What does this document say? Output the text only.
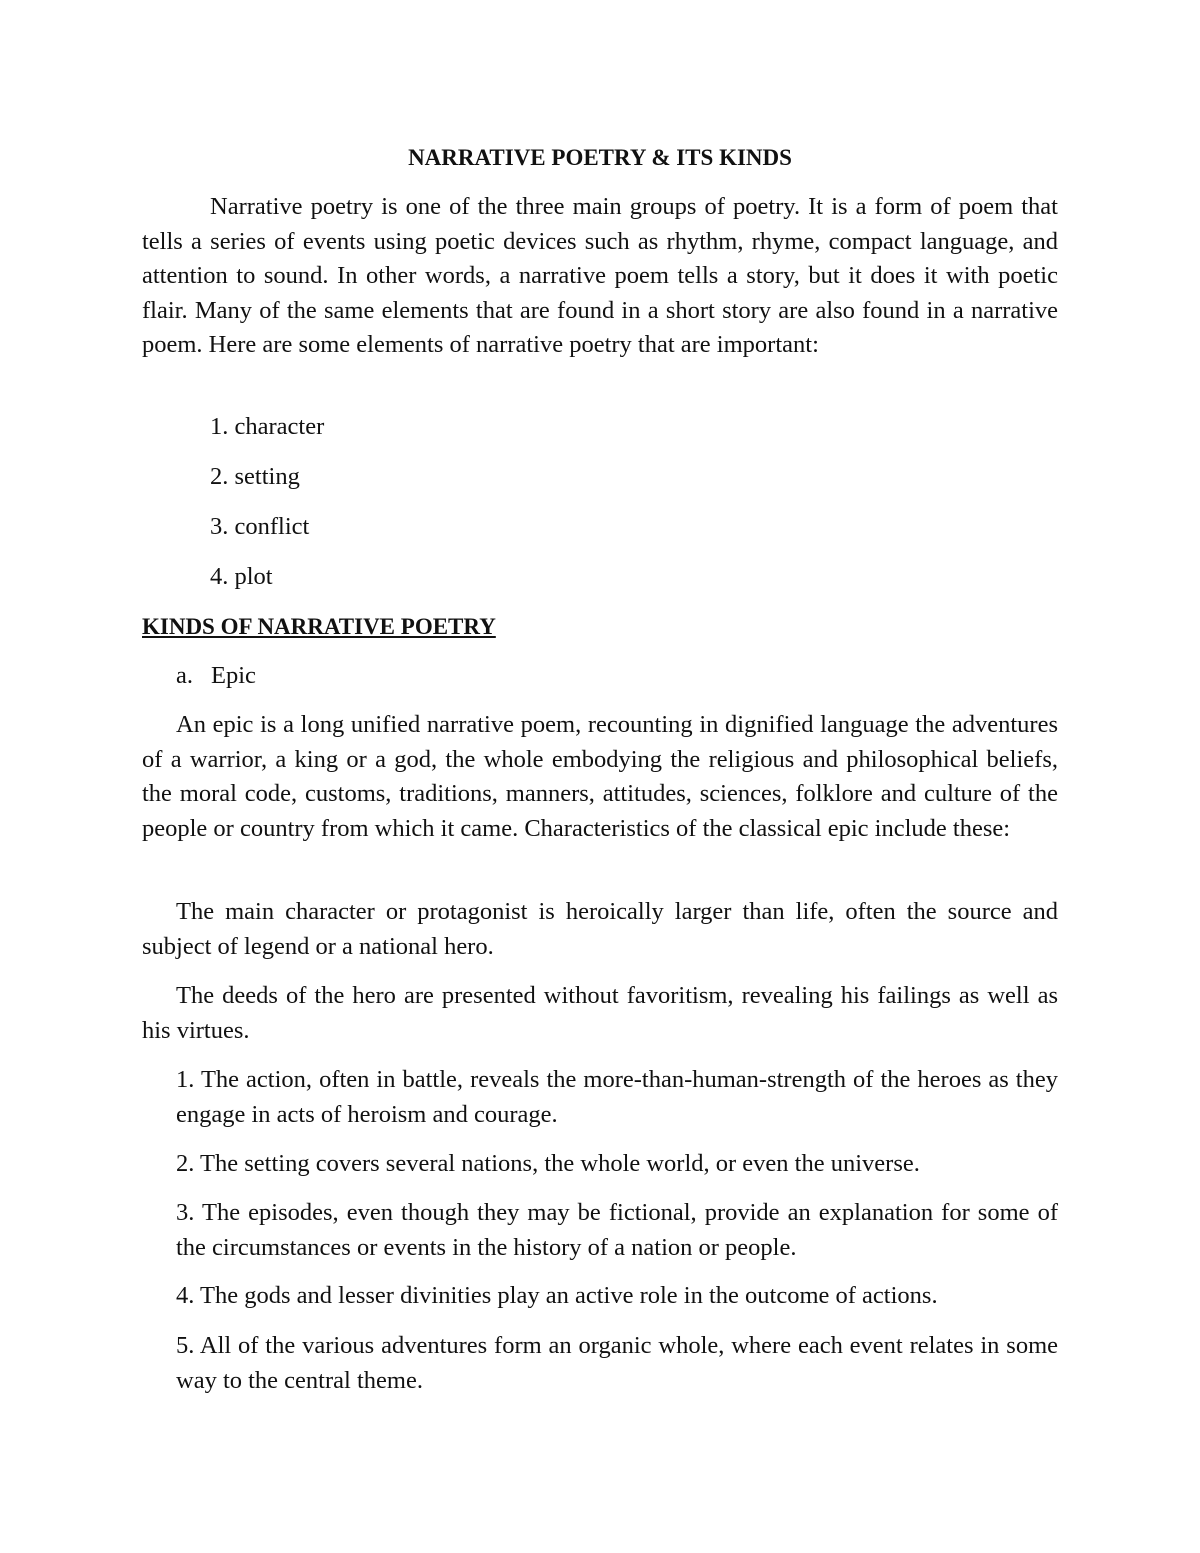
NARRATIVE POETRY & ITS KINDS

Narrative poetry is one of the three main groups of poetry. It is a form of poem that tells a series of events using poetic devices such as rhythm, rhyme, compact language, and attention to sound. In other words, a narrative poem tells a story, but it does it with poetic flair. Many of the same elements that are found in a short story are also found in a narrative poem. Here are some elements of narrative poetry that are important:

1. character
2. setting
3. conflict
4. plot
KINDS OF NARRATIVE POETRY
a. Epic

An epic is a long unified narrative poem, recounting in dignified language the adventures of a warrior, a king or a god, the whole embodying the religious and philosophical beliefs, the moral code, customs, traditions, manners, attitudes, sciences, folklore and culture of the people or country from which it came. Characteristics of the classical epic include these:

The main character or protagonist is heroically larger than life, often the source and subject of legend or a national hero.

The deeds of the hero are presented without favoritism, revealing his failings as well as his virtues.

1. The action, often in battle, reveals the more-than-human-strength of the heroes as they engage in acts of heroism and courage.

2. The setting covers several nations, the whole world, or even the universe.

3. The episodes, even though they may be fictional, provide an explanation for some of the circumstances or events in the history of a nation or people.

4. The gods and lesser divinities play an active role in the outcome of actions.

5. All of the various adventures form an organic whole, where each event relates in some way to the central theme.
